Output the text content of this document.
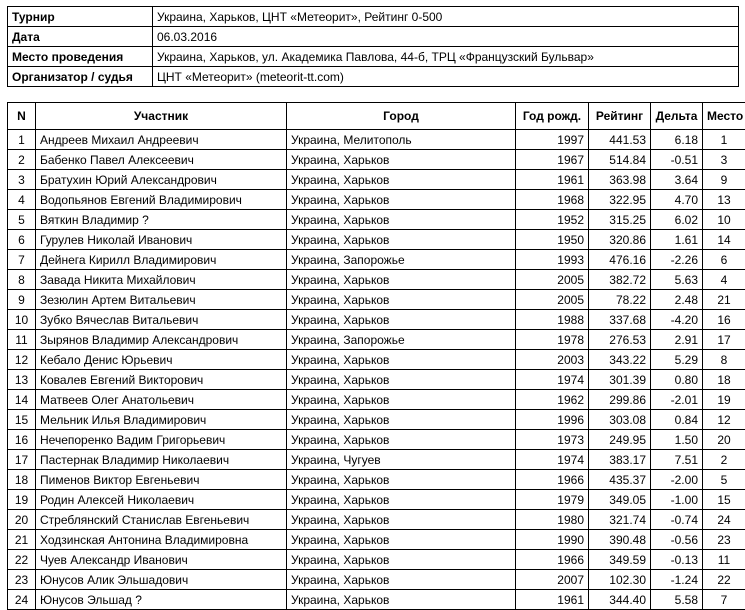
Турнир	Украина, Харьков, ЦНТ «Метеорит», Рейтинг 0-500
Дата	06.03.2016
Место проведения	Украина, Харьков, ул. Академика Павлова, 44-б, ТРЦ «Французский Бульвар»
Организатор / судья	ЦНТ «Метеорит» (meteorit-tt.com)
N	Участник	Город	Год рожд.	Рейтинг	Дельта	Место
1	Андреев Михаил Андреевич	Украина, Мелитополь	1997	441.53	6.18	1
2	Бабенко Павел Алексеевич	Украина, Харьков	1967	514.84	-0.51	3
3	Братухин Юрий Александрович	Украина, Харьков	1961	363.98	3.64	9
4	Водопьянов Евгений Владимирович	Украина, Харьков	1968	322.95	4.70	13
5	Вяткин Владимир ?	Украина, Харьков	1952	315.25	6.02	10
6	Гурулев Николай Иванович	Украина, Харьков	1950	320.86	1.61	14
7	Дейнега Кирилл Владимирович	Украина, Запорожье	1993	476.16	-2.26	6
8	Завада Никита Михайлович	Украина, Харьков	2005	382.72	5.63	4
9	Зезюлин Артем Витальевич	Украина, Харьков	2005	78.22	2.48	21
10	Зубко Вячеслав Витальевич	Украина, Харьков	1988	337.68	-4.20	16
11	Зырянов Владимир Александрович	Украина, Запорожье	1978	276.53	2.91	17
12	Кебало Денис Юрьевич	Украина, Харьков	2003	343.22	5.29	8
13	Ковалев Евгений Викторович	Украина, Харьков	1974	301.39	0.80	18
14	Матвеев Олег Анатольевич	Украина, Харьков	1962	299.86	-2.01	19
15	Мельник Илья Владимирович	Украина, Харьков	1996	303.08	0.84	12
16	Нечепоренко Вадим Григорьевич	Украина, Харьков	1973	249.95	1.50	20
17	Пастернак Владимир Николаевич	Украина, Чугуев	1974	383.17	7.51	2
18	Пименов Виктор Евгеньевич	Украина, Харьков	1966	435.37	-2.00	5
19	Родин Алексей Николаевич	Украина, Харьков	1979	349.05	-1.00	15
20	Стреблянский Станислав Евгеньевич	Украина, Харьков	1980	321.74	-0.74	24
21	Ходзинская Антонина Владимировна	Украина, Харьков	1990	390.48	-0.56	23
22	Чуев Александр Иванович	Украина, Харьков	1966	349.59	-0.13	11
23	Юнусов Алик Эльшадович	Украина, Харьков	2007	102.30	-1.24	22
24	Юнусов Эльшад ?	Украина, Харьков	1961	344.40	5.58	7
